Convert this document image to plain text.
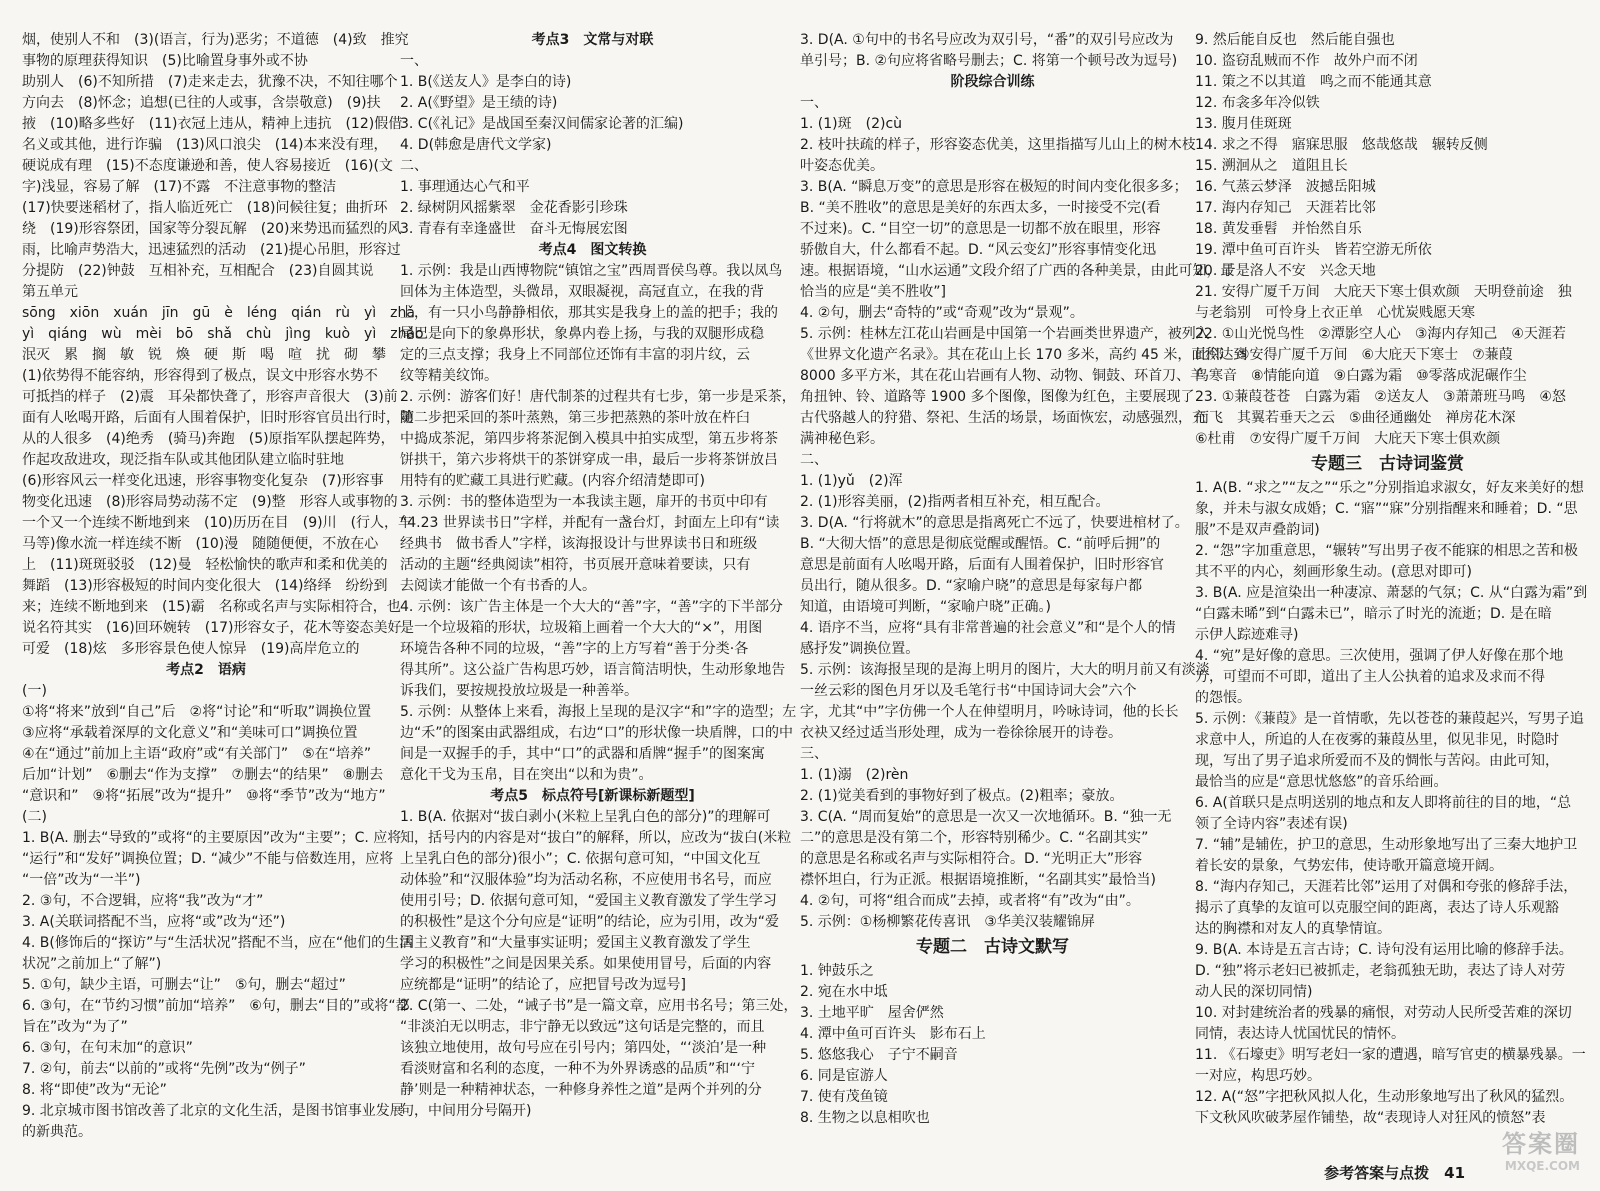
烟，使别人不和　(3)(语言，行为)恶劣；不道德　(4)致　推究
事物的原理获得知识　(5)比喻置身事外或不协
助别人　(6)不知所措　(7)走来走去，犹豫不决，不知往哪个
方向去　(8)怀念；追想(已往的人或事，含崇敬意)　(9)扶
掖　(10)略多些好　(11)衣冠上违从，精神上违抗　(12)假借
名义或其他，进行诈骗　(13)风口浪尖　(14)本来没有理，
硬说成有理　(15)不态度谦逊和善，使人容易接近　(16)(文
字)浅显，容易了解　(17)不露　不注意事物的整洁
(17)快要迷稻材了，指人临近死亡　(18)问候往复；曲折环
绕　(19)形容祭团，国家等分裂瓦解　(20)来势迅而猛烈的风
雨，比喻声势浩大，迅速猛烈的活动　(21)提心吊胆，形容过
分提防　(22)钟鼓　互相补充，互相配合　(23)自圆其说
第五单元
sōng　xiōn　xuán　jīn　gū　è　léng　qián　rù　yì　zhǎ
yì　qiáng　wù　mèi　bō　shǎ　chù　jìng　kuò　yì　zhǎo
泯灭　累　搁　敏　锐　煥　硬　斯　喝　喧　扰　砌　攀
(1)依势得不能容纳，形容得到了极点，误文中形容水势不
可抵挡的样子　(2)震　耳朵都快聋了，形容声音很大　(3)前
面有人吆喝开路，后面有人围着保护，旧时形容官员出行时，随
从的人很多　(4)绝秀　(骑马)奔跑　(5)原指军队摆起阵势，
作起攻敌进攻，现泛指车队或其他团队建立临时驻地
(6)形容风云一样变化迅速，形容事物变化复杂　(7)形容事
物变化迅速　(8)形容局势动荡不定　(9)整　形容人或事物的
一个又一个连续不断地到来　(10)历历在目　(9)川　(行人，车
马等)像水流一样连续不断　(10)漫　随随便便，不放在心
上　(11)斑斑驳驳　(12)曼　轻松愉快的歌声和柔和优美的
舞蹈　(13)形容极短的时间内变化很大　(14)络绎　纷纷到
来；连续不断地到来　(15)霸　名称或名声与实际相符合，也
说名符其实　(16)回环婉转　(17)形容女子，花木等姿态美好
可爱　(18)炫　多形容景色使人惊异　(19)高岸危立的
考点2　语病
(一)
①将“将来”放到“自己”后　②将“讨论”和“听取”调换位置
③应将“承载着深厚的文化意义”和“美味可口”调换位置
④在“通过”前加上主语“政府”或“有关部门”　⑤在“培养”
后加“计划”　⑥删去“作为支撑”　⑦删去“的结果”　⑧删去
“意识和”　⑨将“拓展”改为“提升”　⑩将“季节”改为“地方”
(二)
1. B(A. 删去“导致的”或将“的主要原因”改为“主要”；C. 应将
“运行”和“发好”调换位置；D. “减少”不能与倍数连用，应将
“一倍”改为“一半”)
2. ③句，不合逻辑，应将“我”改为“才”
3. A(关联词搭配不当，应将“或”改为“还”)
4. B(修饰后的“探访”与“生活状况”搭配不当，应在“他们的生活
状况”之前加上“了解”)
5. ①句，缺少主语，可删去“让”　⑤句，删去“超过”
6. ③句，在“节约习惯”前加“培养”　⑥句，删去“目的”或将“都
旨在”改为“为了”
6. ③句，在句末加“的意识”
7. ②句，前去“以前的”或将“先例”改为“例子”
8. 将“即使”改为“无论”
9. 北京城市图书馆改善了北京的文化生活，是图书馆事业发展
的新典范。
考点3　文常与对联
一、
1. B(《送友人》是李白的诗)
2. A(《野望》是王绩的诗)
3. C(《礼记》是战国至秦汉间儒家论著的汇编)
4. D(韩愈是唐代文学家)
二、
1. 事理通达心气和平
2. 绿树阴风摇紫翠　金花香影引珍珠
3. 青春有幸逢盛世　奋斗无悔展宏图
考点4　图文转换
1. 示例：我是山西博物院“镇馆之宝”西周晋侯鸟尊。我以凤鸟
回体为主体造型，头微昂，双眼凝视，高冠直立，在我的背
上，有一只小鸟静静相依，那其实是我身上的盖的把手；我的
尾巴是向下的象鼻形状，象鼻内卷上扬，与我的双腿形成稳
定的三点支撑；我身上不同部位还饰有丰富的羽片纹，云
纹等精美纹饰。
2. 示例：游客们好！唐代制茶的过程共有七步，第一步是采茶，
第二步把采回的茶叶蒸熟，第三步把蒸熟的茶叶放在杵臼
中捣成茶泥，第四步将茶泥倒入模具中拍实成型，第五步将茶
饼拱干，第六步将烘干的茶饼穿成一串，最后一步将茶饼放吕
用特有的贮藏工具进行贮藏。(内容介绍清楚即可)
3. 示例：书的整体造型为一本我读主题，扉开的书页中印有
“4.23 世界读书日”字样，并配有一盏台灯，封面左上印有“读
经典书　做书香人”字样，该海报设计与世界读书日和班级
活动的主题“经典阅读”相符，书页展开意味着要读，只有
去阅读才能做一个有书香的人。
4. 示例：该广告主体是一个大大的“善”字，“善”字的下半部分
是一个垃圾箱的形状，垃圾箱上画着一个大大的“×”，用图
环境告各种不同的垃圾，“善”字的上方写着“善于分类·各
得其所”。这公益广告构思巧妙，语言简洁明快，生动形象地告
诉我们，要按规投放垃圾是一种善举。
5. 示例：从整体上来看，海报上呈现的是汉字“和”字的造型；左
边“禾”的图案由武器组成，右边“口”的形状像一块盾牌，口的中
间是一双握手的手，其中“口”的武器和盾牌“握手”的图案寓
意化干戈为玉帛，目在突出“以和为贵”。
考点5　标点符号[新课标新题型]
1. B(A. 依据对“拔白剥小(米粒上呈乳白色的部分)”的理解可
知，括号内的内容是对“拔白”的解释，所以，应改为“拔白(米粒
上呈乳白色的部分)很小”；C. 依据句意可知，“中国文化互
动体验”和“汉服体验”均为活动名称，不应使用书名号，而应
使用引号；D. 依据句意可知，“爱国主义教育激发了学生学习
的积极性”是这个分句应是“证明”的结论，应为引用，改为“爱
国主义教育”和“大量事实证明；爱国主义教育激发了学生
学习的积极性”之间是因果关系。如果使用冒号，后面的内容
应统都是“证明”的结论了，应把冒号改为逗号]
2. C(第一、二处，“诫子书”是一篇文章，应用书名号；第三处，
“非淡泊无以明志，非宁静无以致远”这句话是完整的，而且
该独立地使用，故句号应在引号内；第四处，“‘淡泊’是一种
看淡财富和名利的态度，一种不为外界诱惑的品质”和“‘宁
静’则是一种精神状态，一种修身养性之道”是两个并列的分
句，中间用分号隔开)
3. D(A. ①句中的书名号应改为双引号，“番”的双引号应改为
单引号；B. ②句应将省略号删去；C. 将第一个顿号改为逗号)
阶段综合训练
一、
1. (1)斑　(2)cù
2. 枝叶扶疏的样子，形容姿态优美，这里指描写儿山上的树木枝
叶姿态优美。
3. B(A. “瞬息万变”的意思是形容在极短的时间内变化很多多；
B. “美不胜收”的意思是美好的东西太多，一时接受不完(看
不过来)。C. “目空一切”的意思是一切都不放在眼里，形容
骄傲自大，什么都看不起。D. “风云变幻”形容事情变化迅
速。根据语境，“山水运通”文段介绍了广西的各种美景，由此可知，最
恰当的应是“美不胜收”]
4. ②句，删去“奇特的”或“奇观”改为“景观”。
5. 示例：桂林左江花山岩画是中国第一个岩画类世界遗产，被列入
《世界文化遗产名录》。其在花山上长 170 多米，高约 45 米，面积达到
8000 多平方米，其在花山岩画有人物、动物、铜鼓、环首刀、羊
角扭钟、铃、道路等 1900 多个图像，图像为红色，主要展现了
古代骆越人的狩猎、祭祀、生活的场景，场面恢宏，动感强烈，充
满神秘色彩。
二、
1. (1)yǔ　(2)浑
2. (1)形容美丽，(2)指两者相互补充，相互配合。
3. D(A. “行将就木”的意思是指离死亡不远了，快要进棺材了。
B. “大彻大悟”的意思是彻底觉醒或醒悟。C. “前呼后拥”的
意思是前面有人吆喝开路，后面有人围着保护，旧时形容官
员出行，随从很多。D. “家喻户晓”的意思是每家每户都
知道，由语境可判断，“家喻户晓”正确。)
4. 语序不当，应将“具有非常普遍的社会意义”和“是个人的情
感抒发”调换位置。
5. 示例：该海报呈现的是海上明月的图片，大大的明月前又有淡淡
一丝云彩的图色月牙以及毛笔行书“中国诗词大会”六个
字，尤其“中”字仿佛一个人在伸望明月，吟咏诗词，他的长长
衣袂又经过适当形处理，成为一卷徐徐展开的诗卷。
三、
1. (1)溺　(2)rèn
2. (1)觉美看到的事物好到了极点。(2)粗率；豪放。
3. C(A. “周而复始”的意思是一次又一次地循环。B. “独一无
二”的意思是没有第二个，形容特别稀少。C. “名副其实”
的意思是名称或名声与实际相符合。D. “光明正大”形容
襟怀坦白，行为正派。根据语境推断，“名副其实”最恰当)
4. ②句，可将“组合而成”去掉，或者将“有”改为“由”。
5. 示例：①杨柳繁花传喜讯　③华美汉装耀锦屏
专题二　古诗文默写
1. 钟鼓乐之
2. 宛在水中坻
3. 土地平旷　屋舍俨然
4. 潭中鱼可百许头　影布石上
5. 悠悠我心　子宁不嗣音
6. 同是宦游人
7. 使有茂鱼镜
8. 生物之以息相吹也
9. 然后能自反也　然后能自强也
10. 盗窃乱贼而不作　故外户而不闭
11. 策之不以其道　鸣之而不能通其意
12. 布衾多年冷似铁
13. 腹月佳斑斑
14. 求之不得　寤寐思服　悠哉悠哉　辗转反侧
15. 溯洄从之　道阻且长
16. 气蒸云梦泽　波撼岳阳城
17. 海内存知己　天涯若比邻
18. 黄发垂髫　并怡然自乐
19. 潭中鱼可百许头　皆若空游无所依
20. 于是洛人不安　兴念天地
21. 安得广厦千万间　大庇天下寒士俱欢颜　天明登前途　独
与老翁别　可怜身上衣正单　心忧炭贱愿天寒
22. ①山光悦鸟性　②潭影空人心　③海内存知己　④天涯若
比邻　⑤安得广厦千万间　⑥大庇天下寒士　⑦蒹葭
鸟寒音　⑧情能向道　⑨白露为霜　⑩零落成泥碾作尘
23. ①蒹葭苍苍　白露为霜　②送友人　③萧萧班马鸣　④怒
而飞　其翼若垂天之云　⑤曲径通幽处　禅房花木深
⑥杜甫　⑦安得广厦千万间　大庇天下寒士俱欢颜
专题三　古诗词鉴赏
1. A(B. “求之”“友之”“乐之”分别指追求淑女，好友来美好的想
象，并未与淑女成婚；C. “寤”“寐”分别指醒来和睡着；D. “思
服”不是双声叠韵词)
2. “怨”字加重意思，“辗转”写出男子夜不能寐的相思之苦和极
其不平的内心，刻画形象生动。(意思对即可)
3. B(A. 应是渲染出一种凄凉、萧瑟的气氛；C. 从“白露为霜”到
“白露未晞”到“白露未已”，暗示了时光的流逝；D. 是在暗
示伊人踪迹难寻)
4. “宛”是好像的意思。三次使用，强调了伊人好像在那个地
方，可望而不可即，道出了主人公执着的追求及求而不得
的怨悵。
5. 示例：《蒹葭》是一首情歌，先以苍苍的蒹葭起兴，写男子追
求意中人，所追的人在夜雾的蒹葭丛里，似见非见，时隐时
现，写出了男子追求所爱而不及的惆怅与苦闷。由此可知，
最恰当的应是“意思忧悠悠”的音乐给画。
6. A(首联只是点明送别的地点和友人即将前往的目的地，“总
领了全诗内容”表述有误)
7. “辅”是辅佐，护卫的意思，生动形象地写出了三秦大地护卫
着长安的景象，气势宏伟，使诗歌开篇意境开阔。
8. “海内存知己，天涯若比邻”运用了对偶和夸张的修辞手法，
揭示了真挚的友谊可以克服空间的距离，表达了诗人乐观豁
达的胸襟和对友人的真挚情谊。
9. B(A. 本诗是五言古诗；C. 诗句没有运用比喻的修辞手法。
D. “独”将示老妇已被抓走，老翁孤独无助，表达了诗人对劳
动人民的深切同情)
10. 对封建统治者的残暴的痛恨，对劳动人民所受苦难的深切
同情，表达诗人忧国忧民的情怀。
11. 《石壕吏》明写老妇一家的遭遇，暗写官吏的横暴残暴。一
一对应，构思巧妙。
12. A(“怒”字把秋风拟人化，生动形象地写出了秋风的猛烈。
下文秋风吹破茅屋作铺垫，故“表现诗人对狂风的愤怒”表
参考答案与点拨　41
答案圈
MXQE.COM
